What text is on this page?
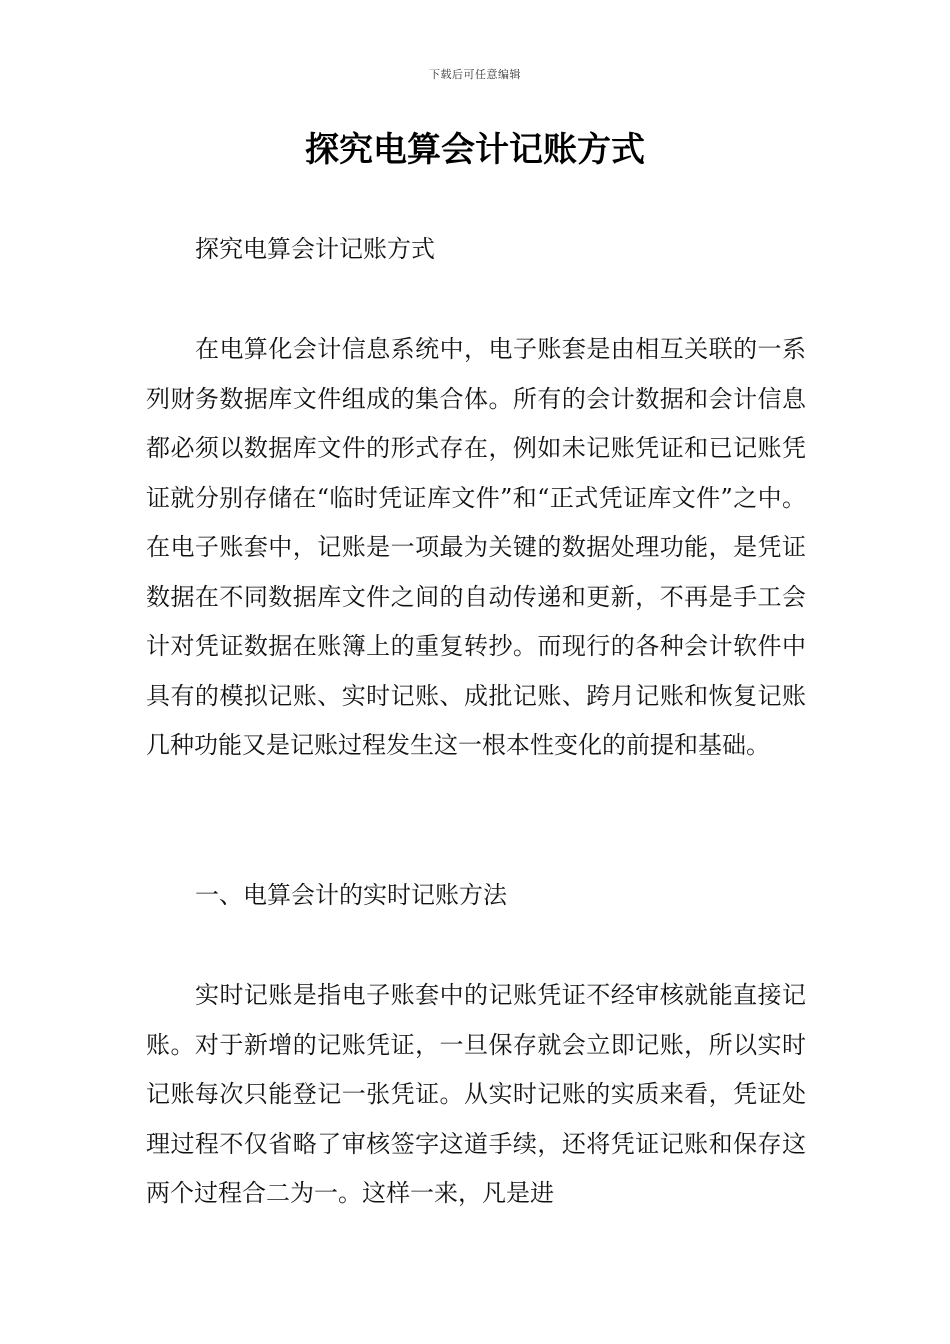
下载后可任意编辑
探究电算会计记账方式

探究电算会计记账方式

在电算化会计信息系统中，电子账套是由相互关联的一系列财务数据库文件组成的集合体。所有的会计数据和会计信息都必须以数据库文件的形式存在，例如未记账凭证和已记账凭证就分别存储在“临时凭证库文件”和“正式凭证库文件”之中。在电子账套中，记账是一项最为关键的数据处理功能，是凭证数据在不同数据库文件之间的自动传递和更新，不再是手工会计对凭证数据在账簿上的重复转抄。而现行的各种会计软件中具有的模拟记账、实时记账、成批记账、跨月记账和恢复记账几种功能又是记账过程发生这一根本性变化的前提和基础。

一、电算会计的实时记账方法

实时记账是指电子账套中的记账凭证不经审核就能直接记账。对于新增的记账凭证，一旦保存就会立即记账，所以实时记账每次只能登记一张凭证。从实时记账的实质来看，凭证处理过程不仅省略了审核签字这道手续，还将凭证记账和保存这两个过程合二为一。这样一来，凡是进
